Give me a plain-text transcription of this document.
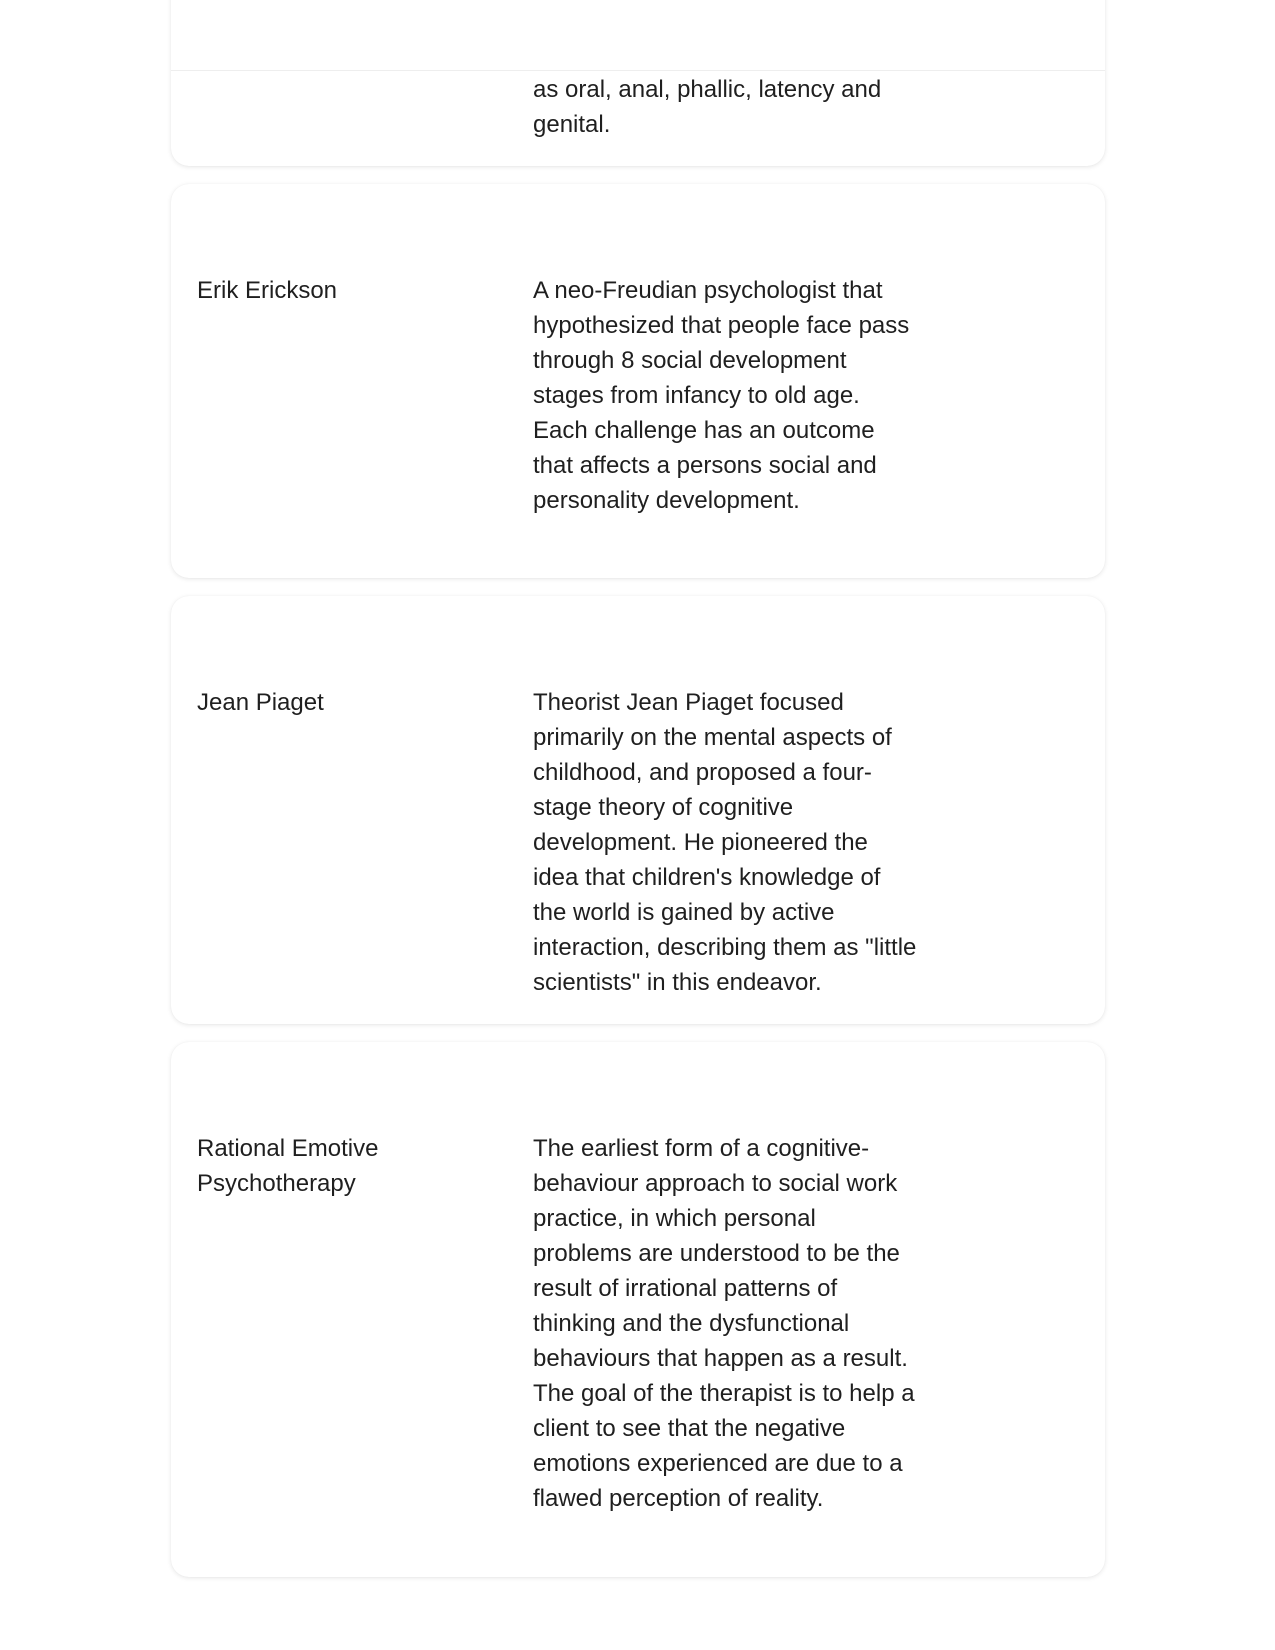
as oral, anal, phallic, latency and genital.

Erik Erickson	A neo-Freudian psychologist that hypothesized that people face pass through 8 social development stages from infancy to old age. Each challenge has an outcome that affects a persons social and personality development.

Jean Piaget	Theorist Jean Piaget focused primarily on the mental aspects of childhood, and proposed a four-stage theory of cognitive development. He pioneered the idea that children's knowledge of the world is gained by active interaction, describing them as "little scientists" in this endeavor.

Rational Emotive Psychotherapy

The earliest form of a cognitive-behaviour approach to social work practice, in which personal problems are understood to be the result of irrational patterns of thinking and the dysfunctional behaviours that happen as a result. The goal of the therapist is to help a client to see that the negative emotions experienced are due to a flawed perception of reality.
